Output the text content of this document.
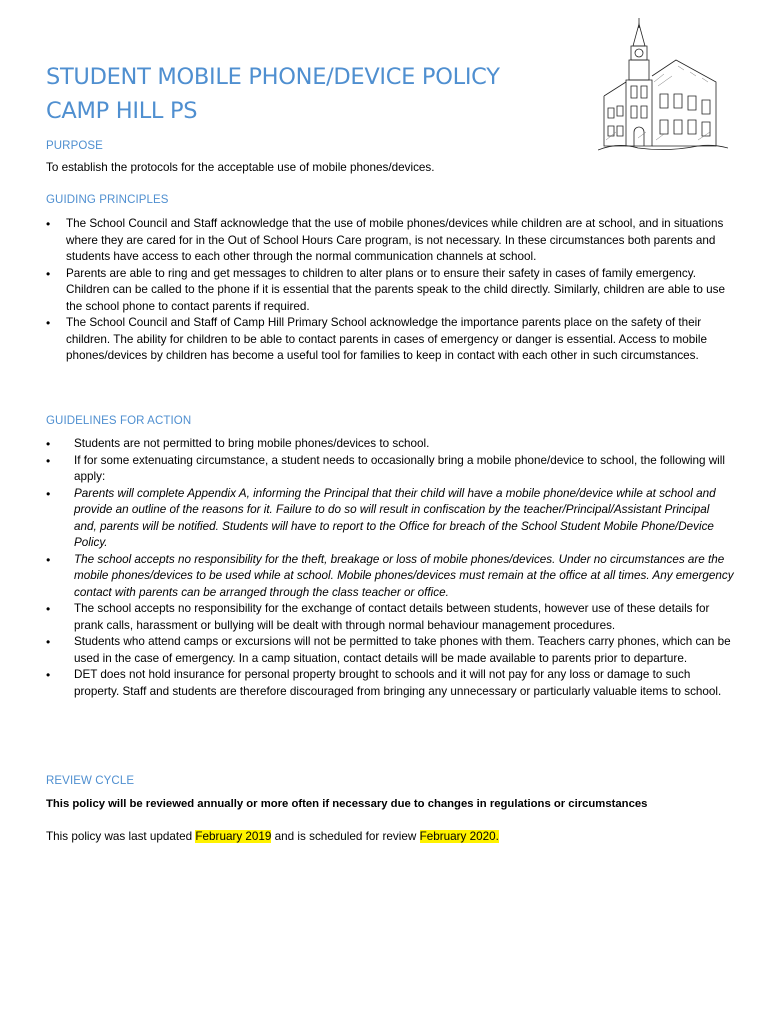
STUDENT MOBILE PHONE/DEVICE POLICY
CAMP HILL PS
PURPOSE

To establish the protocols for the acceptable use of mobile phones/devices.

GUIDING PRINCIPLES
• The School Council and Staff acknowledge that the use of mobile phones/devices while children are at school, and in situations where they are cared for in the Out of School Hours Care program, is not necessary. In these circumstances both parents and students have access to each other through the normal communication channels at school.
• Parents are able to ring and get messages to children to alter plans or to ensure their safety in cases of family emergency. Children can be called to the phone if it is essential that the parents speak to the child directly. Similarly, children are able to use the school phone to contact parents if required.
• The School Council and Staff of Camp Hill Primary School acknowledge the importance parents place on the safety of their children. The ability for children to be able to contact parents in cases of emergency or danger is essential. Access to mobile phones/devices by children has become a useful tool for families to keep in contact with each other in such circumstances.
GUIDELINES FOR ACTION
• Students are not permitted to bring mobile phones/devices to school.
• If for some extenuating circumstance, a student needs to occasionally bring a mobile phone/device to school, the following will apply:
• Parents will complete Appendix A, informing the Principal that their child will have a mobile phone/device while at school and provide an outline of the reasons for it. Failure to do so will result in confiscation by the teacher/Principal/Assistant Principal and, parents will be notified. Students will have to report to the Office for breach of the School Student Mobile Phone/Device Policy.
• The school accepts no responsibility for the theft, breakage or loss of mobile phones/devices. Under no circumstances are the mobile phones/devices to be used while at school. Mobile phones/devices must remain at the office at all times. Any emergency contact with parents can be arranged through the class teacher or office.
• The school accepts no responsibility for the exchange of contact details between students, however use of these details for prank calls, harassment or bullying will be dealt with through normal behaviour management procedures.
• Students who attend camps or excursions will not be permitted to take phones with them. Teachers carry phones, which can be used in the case of emergency. In a camp situation, contact details will be made available to parents prior to departure.
• DET does not hold insurance for personal property brought to schools and it will not pay for any loss or damage to such property. Staff and students are therefore discouraged from bringing any unnecessary or particularly valuable items to school.
REVIEW CYCLE

This policy will be reviewed annually or more often if necessary due to changes in regulations or circumstances

This policy was last updated February 2019 and is scheduled for review February 2020.
